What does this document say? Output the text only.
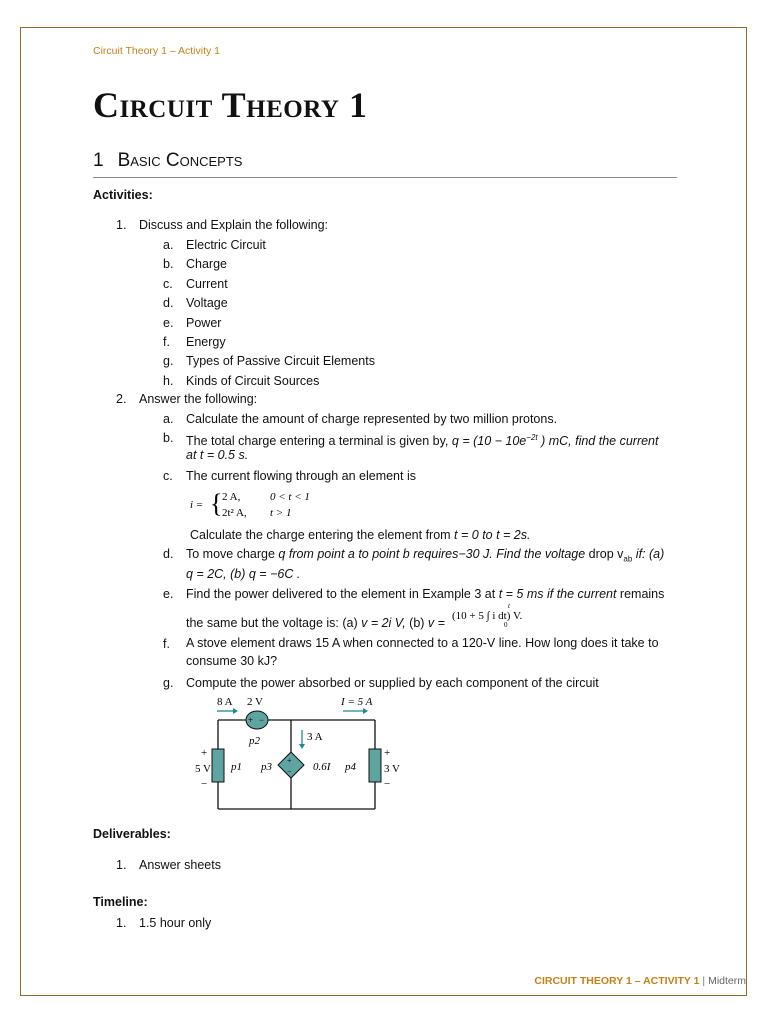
Circuit Theory 1 – Activity 1
Circuit Theory 1
1 Basic Concepts
Activities:
1. Discuss and Explain the following:
a. Electric Circuit
b. Charge
c. Current
d. Voltage
e. Power
f. Energy
g. Types of Passive Circuit Elements
h. Kinds of Circuit Sources
2. Answer the following:
a. Calculate the amount of charge represented by two million protons.
b. The total charge entering a terminal is given by, $q = (10 - 10e^{-2t}$ ) mC, find the current
at t = 0.5 s.
c. The current flowing through an element is
i = { 2 A,	0 < t < 1
2t² A, t > 1
Calculate the charge entering the element from t = 0 to t = 2s.
d. To move charge q from point a to point b requires−30 J. Find the voltage drop $v_{ab}$ if: (a)
q = 2C, (b) q = −6C .
e. Find the power delivered to the element in Example 3 at t = 5 ms if the current remains
the same but the voltage is: (a) v = 2i V, (b) v = (10 + 5 ∫ i dt) V.
t
0
f. A stove element draws 15 A when connected to a 120-V line. How long does it take to consume 30 kJ?
g. Compute the power absorbed or supplied by each component of the circuit
+ −
+
−
8 A 2 V	I = 5 A
3 A
p2
+
5 V
−
p1 p3	0.6I p4
+
3 V
−
Deliverables:
1. Answer sheets
Timeline:
1. 1.5 hour only
CIRCUIT THEORY 1 – ACTIVITY 1 | Midterm
